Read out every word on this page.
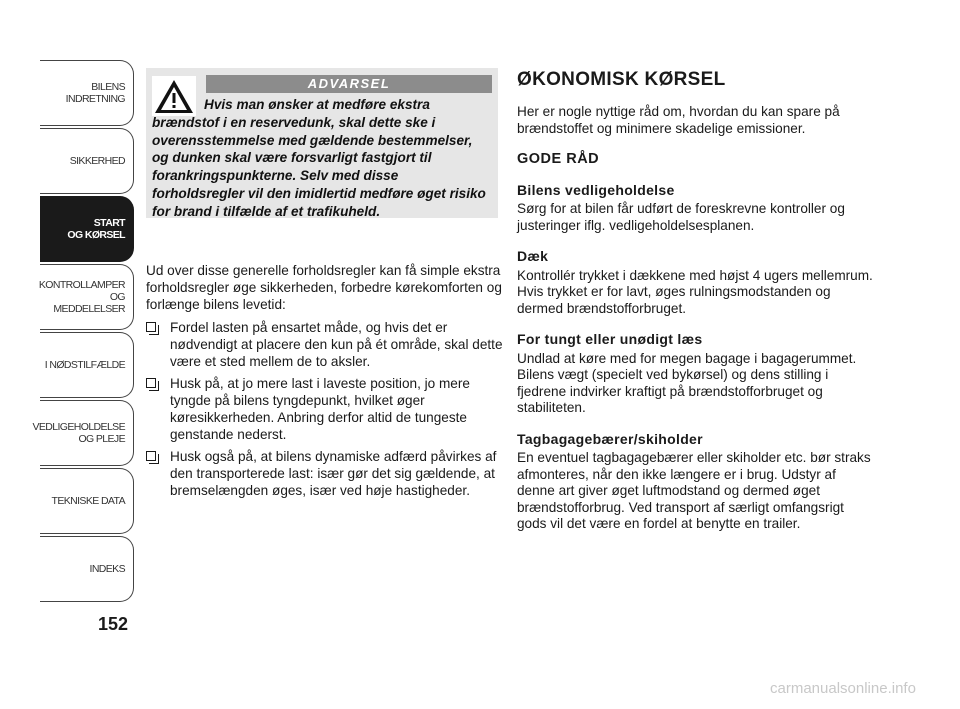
BILENS
INDRETNING
SIKKERHED
START
OG KØRSEL
KONTROLLAMPER
OG MEDDELELSER
I NØDSTILFÆLDE
VEDLIGEHOLDELSE
OG PLEJE
TEKNISKE DATA
INDEKS
152
ADVARSEL
Hvis man ønsker at medføre ekstra brændstof i en reservedunk, skal dette ske i overensstemmelse med gældende bestemmelser, og dunken skal være forsvarligt fastgjort til forankringspunkterne. Selv med disse forholdsregler vil den imidlertid medføre øget risiko for brand i tilfælde af et trafikuheld.

Ud over disse generelle forholdsregler kan få simple ekstra forholdsregler øge sikkerheden, forbedre kørekomforten og forlænge bilens levetid:

Fordel lasten på ensartet måde, og hvis det er nødvendigt at placere den kun på ét område, skal dette være et sted mellem de to aksler.
Husk på, at jo mere last i laveste position, jo mere tyngde på bilens tyngdepunkt, hvilket øger køresikkerheden. Anbring derfor altid de tungeste genstande nederst.
Husk også på, at bilens dynamiske adfærd påvirkes af den transporterede last: især gør det sig gældende, at bremselængden øges, især ved høje hastigheder.
ØKONOMISK KØRSEL

Her er nogle nyttige råd om, hvordan du kan spare på brændstoffet og minimere skadelige emissioner.

GODE RÅD
Bilens vedligeholdelse

Sørg for at bilen får udført de foreskrevne kontroller og justeringer iflg. vedligeholdelsesplanen.

Dæk

Kontrollér trykket i dækkene med højst 4 ugers mellemrum. Hvis trykket er for lavt, øges rulningsmodstanden og dermed brændstofforbruget.

For tungt eller unødigt læs

Undlad at køre med for megen bagage i bagagerummet. Bilens vægt (specielt ved bykørsel) og dens stilling i fjedrene indvirker kraftigt på brændstofforbruget og stabiliteten.

Tagbagagebærer/skiholder

En eventuel tagbagagebærer eller skiholder etc. bør straks afmonteres, når den ikke længere er i brug. Udstyr af denne art giver øget luftmodstand og dermed øget brændstofforbrug. Ved transport af særligt omfangsrigt gods vil det være en fordel at benytte en trailer.

carmanualsonline.info
